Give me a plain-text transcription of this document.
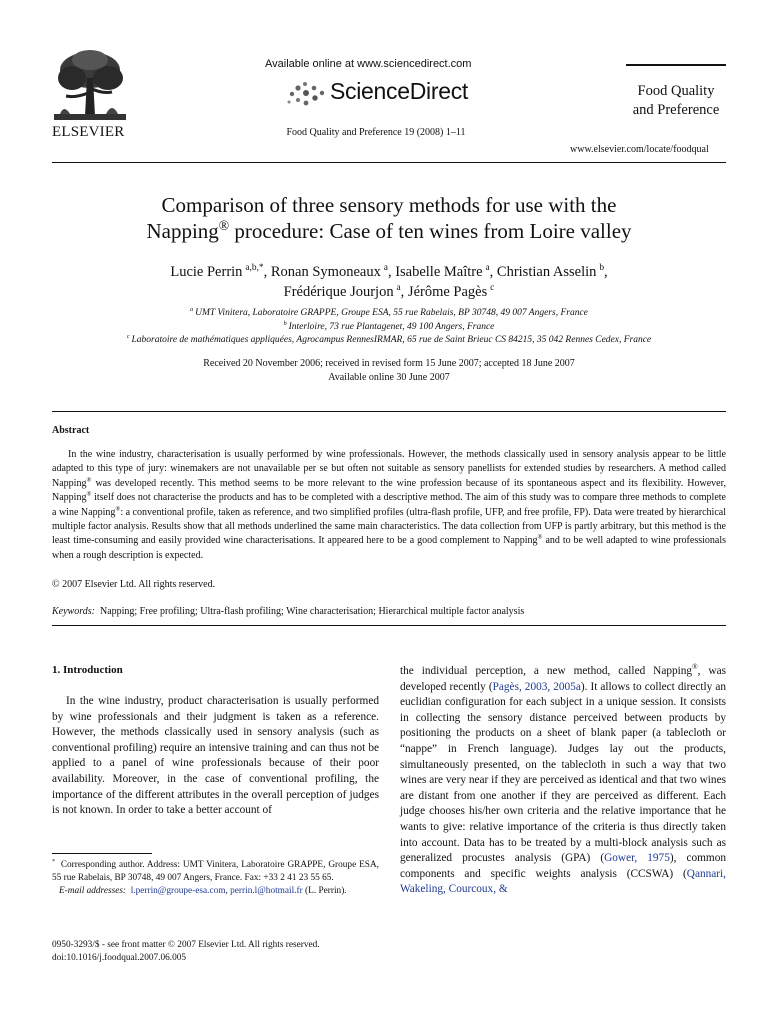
ELSEVIER
Available online at www.sciencedirect.com
ScienceDirect
Food Quality and Preference 19 (2008) 1–11
Food Quality
and Preference
www.elsevier.com/locate/foodqual
Comparison of three sensory methods for use with the
Napping® procedure: Case of ten wines from Loire valley
Lucie Perrin  $^{a,b,*}$, Ronan Symoneaux  $^a$, Isabelle Maître  $^a$, Christian Asselin  $^b$,
Frédérique Jourjon  $^a$, Jérôme Pagès  $^c$
$^a$  UMT Vinitera, Laboratoire GRAPPE, Groupe ESA, 55 rue Rabelais, BP 30748, 49 007 Angers, France
$^b$  Interloire, 73 rue Plantagenet, 49 100 Angers, France
$^c$  Laboratoire de mathématiques appliquées, Agrocampus RennesIRMAR, 65 rue de Saint Brieuc CS 84215, 35 042 Rennes Cedex, France
Received 20 November 2006; received in revised form 15 June 2007; accepted 18 June 2007
Available online 30 June 2007
Abstract

In the wine industry, characterisation is usually performed by wine professionals. However, the methods classically used in sensory analysis appear to be little adapted to this type of jury: winemakers are not unavailable per se but often not suitable as sensory panellists for extended studies by researchers. A method called Napping® was developed recently. This method seems to be more relevant to the wine profession because of its spontaneous aspect and its flexibility. However, Napping® itself does not characterise the products and has to be completed with a descriptive method. The aim of this study was to compare three methods to complete a wine Napping®: a conventional profile, taken as reference, and two simplified profiles (ultra-flash profile, UFP, and free profile, FP). Data were treated by hierarchical multiple factor analysis. Results show that all methods underlined the same main characteristics. The data collection from UFP is partly arbitrary, but this method is the least time-consuming and easily provided wine characterisations. It appeared here to be a good complement to Napping® and to be well adapted to wine professionals when a rough description is expected.

© 2007 Elsevier Ltd. All rights reserved.
Keywords: Napping; Free profiling; Ultra-flash profiling; Wine characterisation; Hierarchical multiple factor analysis
1. Introduction

In the wine industry, product characterisation is usually performed by wine professionals and their judgment is taken as a reference. However, the methods classically used in sensory analysis (such as conventional profiling) require an intensive training and can thus not be applied to a panel of wine professionals because of their poor availability. Moreover, in the case of conventional profiling, the importance of the different attributes in the overall perception of judges is not known. In order to take a better account of

the individual perception, a new method, called Napping®, was developed recently (Pagès, 2003, 2005a). It allows to collect directly an euclidian configuration for each subject in a unique session. It consists in collecting the sensory distance perceived between products by positioning the products on a sheet of blank paper (a tablecloth or “nappe” in French language). Judges lay out the products, simultaneously presented, on the tablecloth in such a way that two wines are very near if they are perceived as identical and that two wines are distant from one another if they are perceived as different. Each judge chooses his/her own criteria and the relative importance that he wants to give: relative importance of the criteria is thus directly taken into account. Data has to be treated by a multi-block analysis such as generalized procustes analysis (GPA) (Gower, 1975), common components and specific weights analysis (CCSWA) (Qannari, Wakeling, Courcoux, &

* Corresponding author. Address: UMT Vinitera, Laboratoire GRAPPE, Groupe ESA, 55 rue Rabelais, BP 30748, 49 007 Angers, France. Fax: +33 2 41 23 55 65.

E-mail addresses: l.perrin@groupe-esa.com, perrin.l@hotmail.fr (L. Perrin).

0950-3293/$ - see front matter © 2007 Elsevier Ltd. All rights reserved.
doi:10.1016/j.foodqual.2007.06.005
